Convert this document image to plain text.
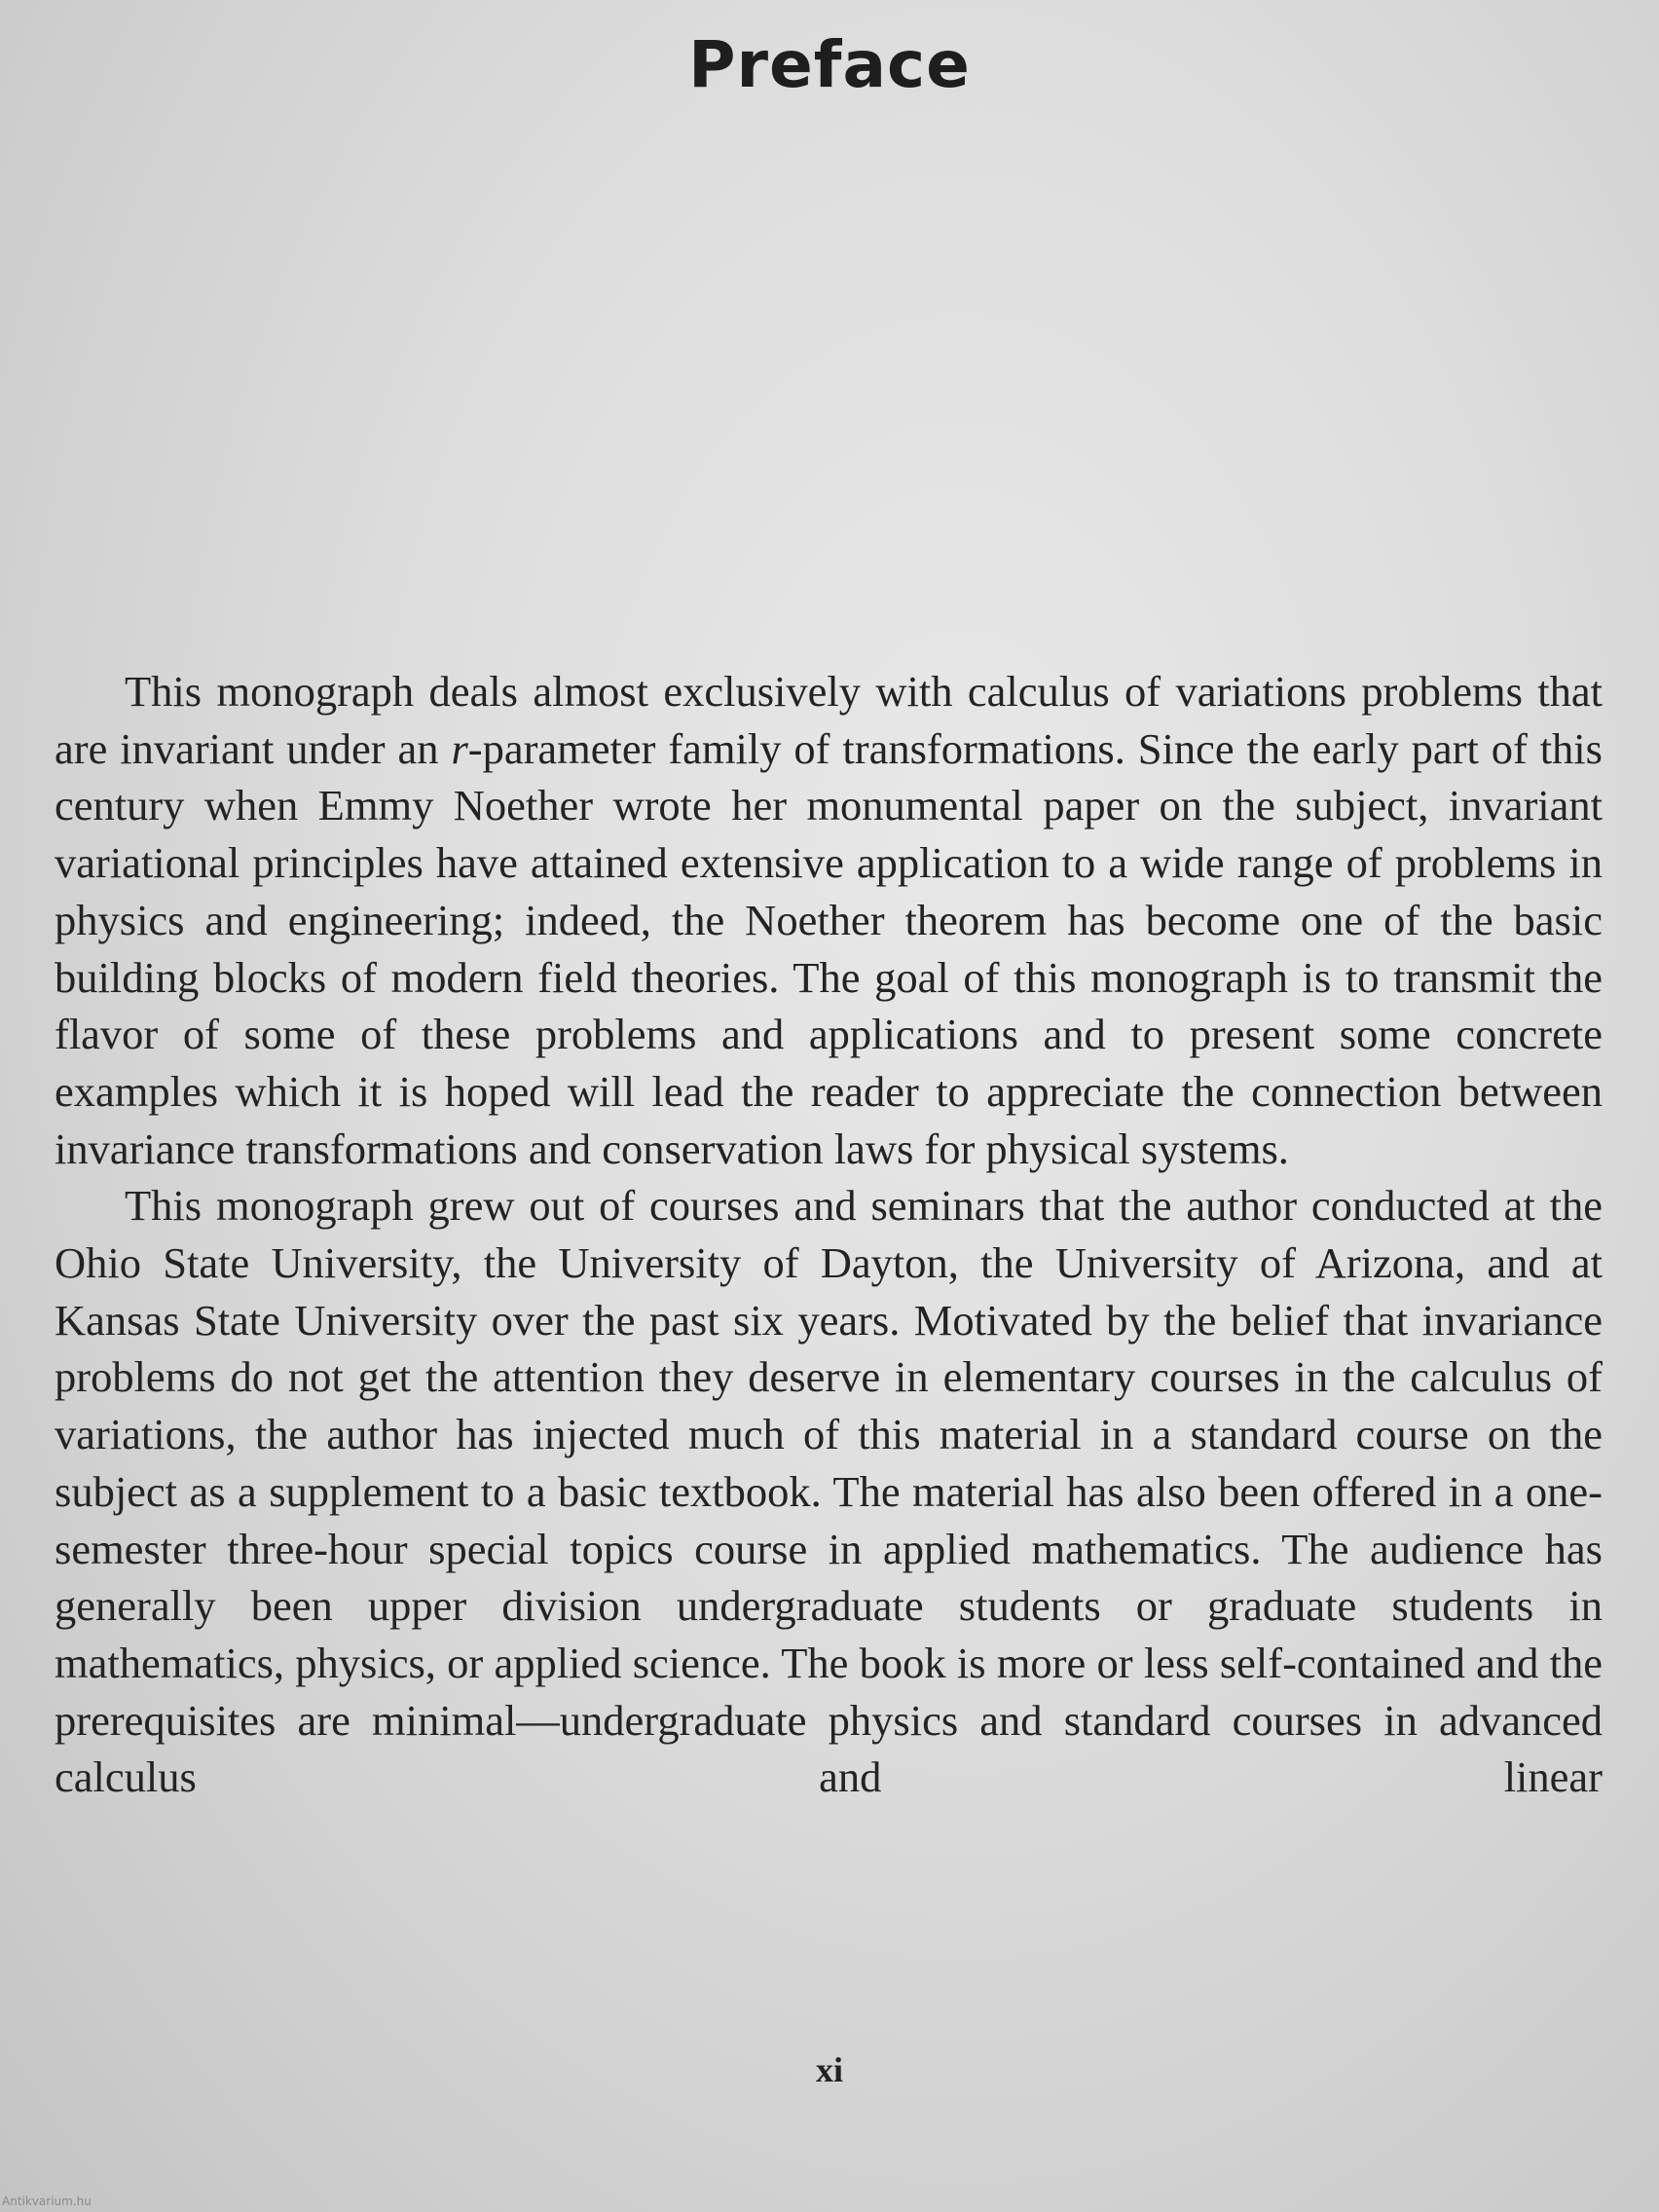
Preface

This monograph deals almost exclusively with calculus of variations problems that are invariant under an r-parameter family of transformations. Since the early part of this century when Emmy Noether wrote her monumental paper on the subject, invariant variational principles have attained extensive application to a wide range of problems in physics and engineering; indeed, the Noether theorem has become one of the basic building blocks of modern field theories. The goal of this monograph is to transmit the flavor of some of these problems and applications and to present some concrete examples which it is hoped will lead the reader to appreciate the connection between invariance transformations and conservation laws for physical systems.

This monograph grew out of courses and seminars that the author conducted at the Ohio State University, the University of Dayton, the University of Arizona, and at Kansas State University over the past six years. Motivated by the belief that invariance problems do not get the attention they deserve in elementary courses in the calculus of variations, the author has injected much of this material in a standard course on the subject as a supplement to a basic textbook. The material has also been offered in a one-semester three-hour special topics course in applied mathematics. The audience has generally been upper division undergraduate students or graduate students in mathematics, physics, or applied science. The book is more or less self-contained and the prerequisites are minimal—undergraduate physics and standard courses in advanced calculus and linear

xi
Antikvarium.hu
